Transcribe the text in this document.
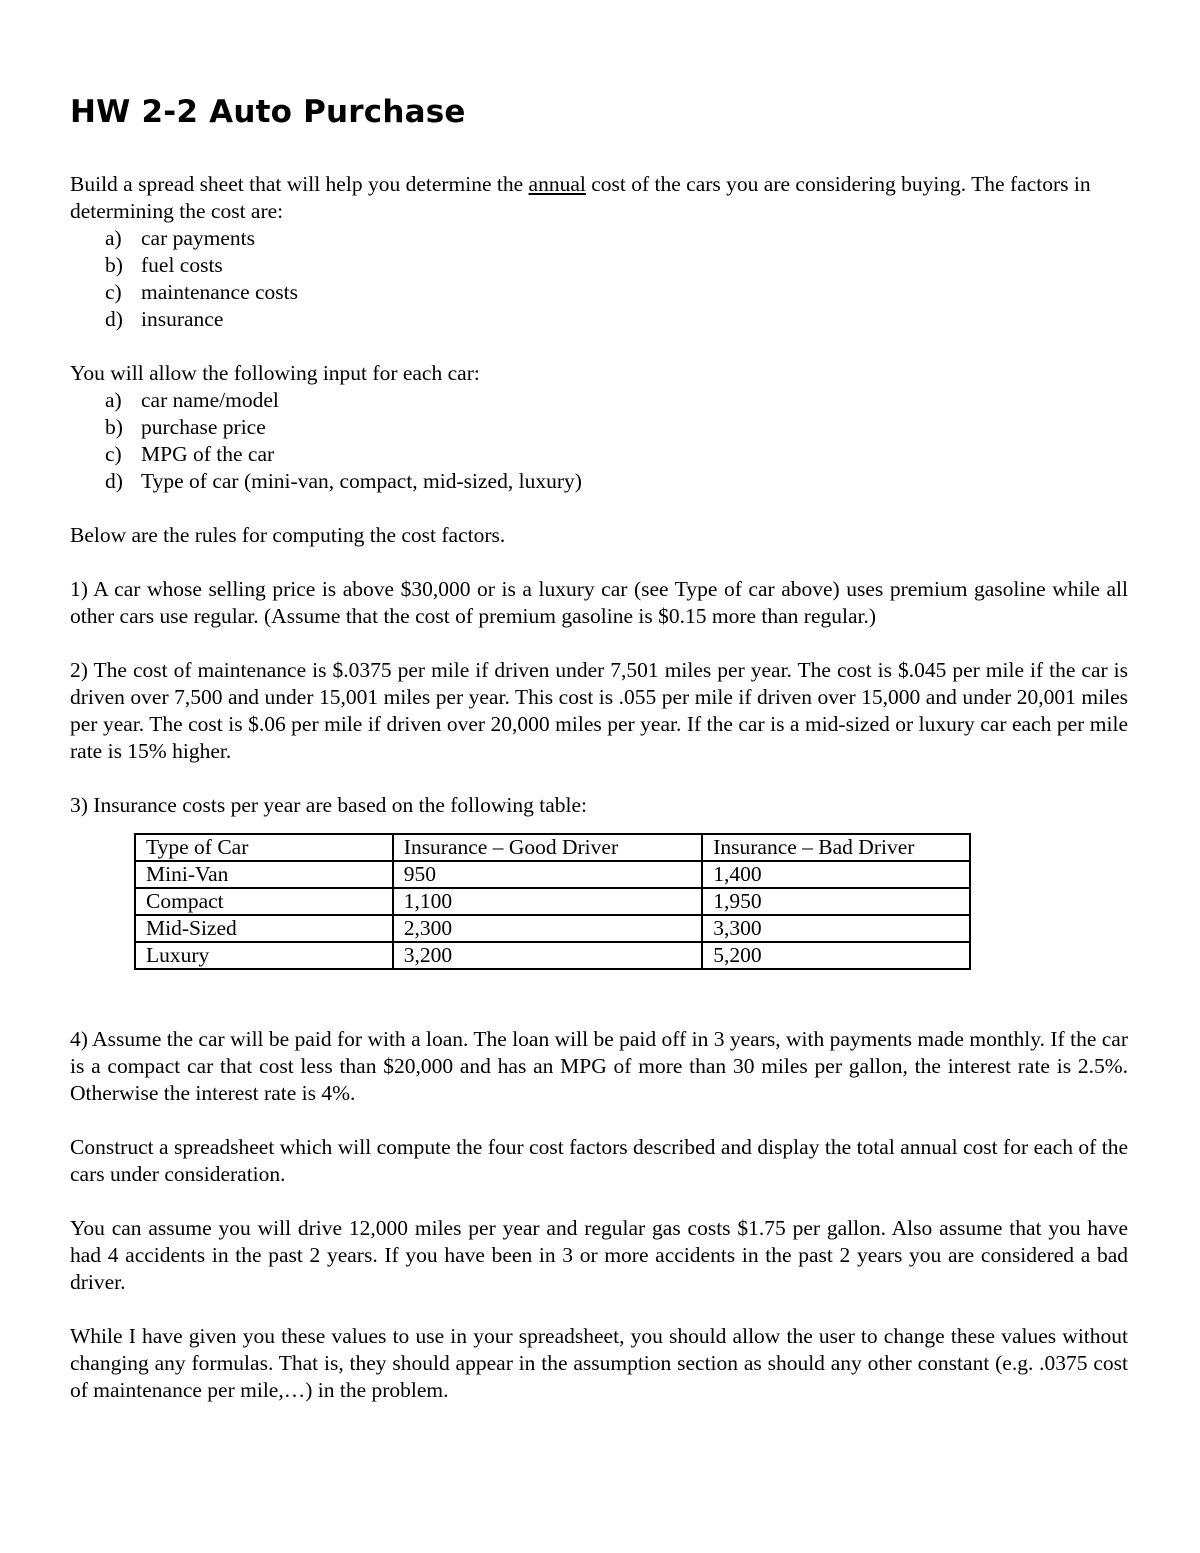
HW 2-2 Auto Purchase

Build a spread sheet that will help you determine the annual cost of the cars you are considering buying. The factors in determining the cost are:

a) car payments
b) fuel costs
c) maintenance costs
d) insurance

You will allow the following input for each car:

a) car name/model
b) purchase price
c) MPG of the car
d) Type of car (mini-van, compact, mid-sized, luxury)

Below are the rules for computing the cost factors.

1) A car whose selling price is above $30,000 or is a luxury car (see Type of car above) uses premium gasoline while all other cars use regular. (Assume that the cost of premium gasoline is $0.15 more than regular.)

2) The cost of maintenance is $.0375 per mile if driven under 7,501 miles per year. The cost is $.045 per mile if the car is driven over 7,500 and under 15,001 miles per year. This cost is .055 per mile if driven over 15,000 and under 20,001 miles per year. The cost is $.06 per mile if driven over 20,000 miles per year. If the car is a mid-sized or luxury car each per mile rate is 15% higher.

3) Insurance costs per year are based on the following table:

Type of Car	Insurance – Good Driver	Insurance – Bad Driver
Mini-Van	950	1,400
Compact	1,100	1,950
Mid-Sized	2,300	3,300
Luxury	3,200	5,200

4) Assume the car will be paid for with a loan. The loan will be paid off in 3 years, with payments made monthly. If the car is a compact car that cost less than $20,000 and has an MPG of more than 30 miles per gallon, the interest rate is 2.5%. Otherwise the interest rate is 4%.

Construct a spreadsheet which will compute the four cost factors described and display the total annual cost for each of the cars under consideration.

You can assume you will drive 12,000 miles per year and regular gas costs $1.75 per gallon. Also assume that you have had 4 accidents in the past 2 years. If you have been in 3 or more accidents in the past 2 years you are considered a bad driver.

While I have given you these values to use in your spreadsheet, you should allow the user to change these values without changing any formulas. That is, they should appear in the assumption section as should any other constant (e.g. .0375 cost of maintenance per mile,…) in the problem.
